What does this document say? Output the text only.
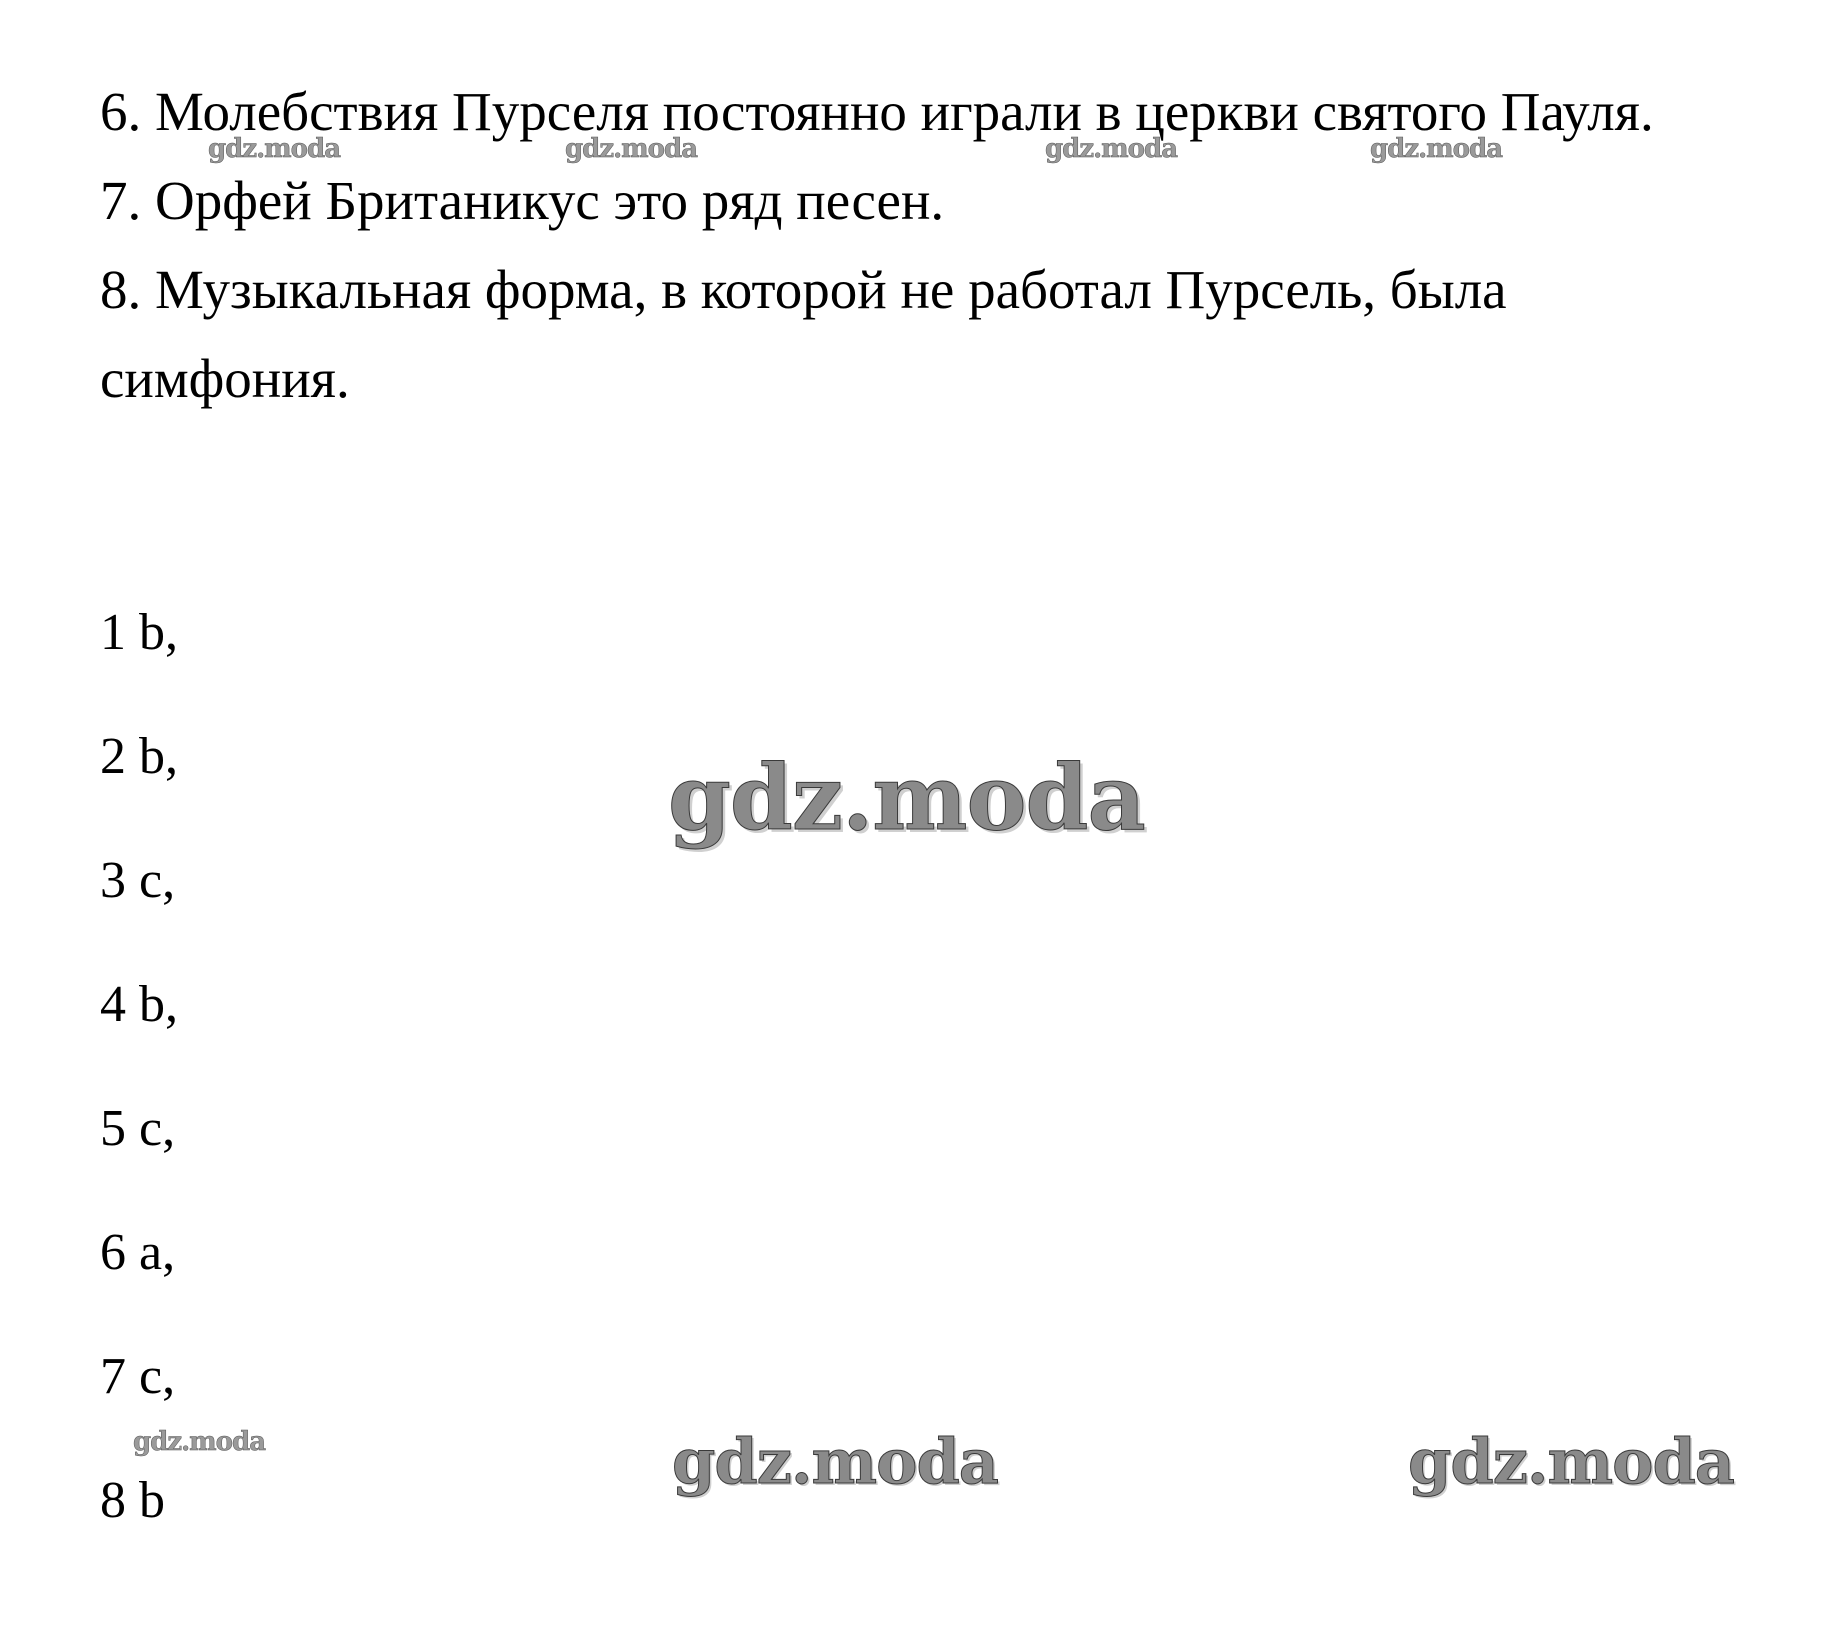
6. Молебствия Пурселя постоянно играли в церкви святого Пауля.
7. Орфей Британикус это ряд песен.
8. Музыкальная форма, в которой не работал Пурсель, была
симфония.
1 b,
2 b,
3 c,
4 b,
5 c,
6 a,
7 c,
8 b
gdz.moda	gdz.moda	gdz.moda	gdz.moda
gdz.moda
gdz.moda	gdz.moda	gdz.moda
